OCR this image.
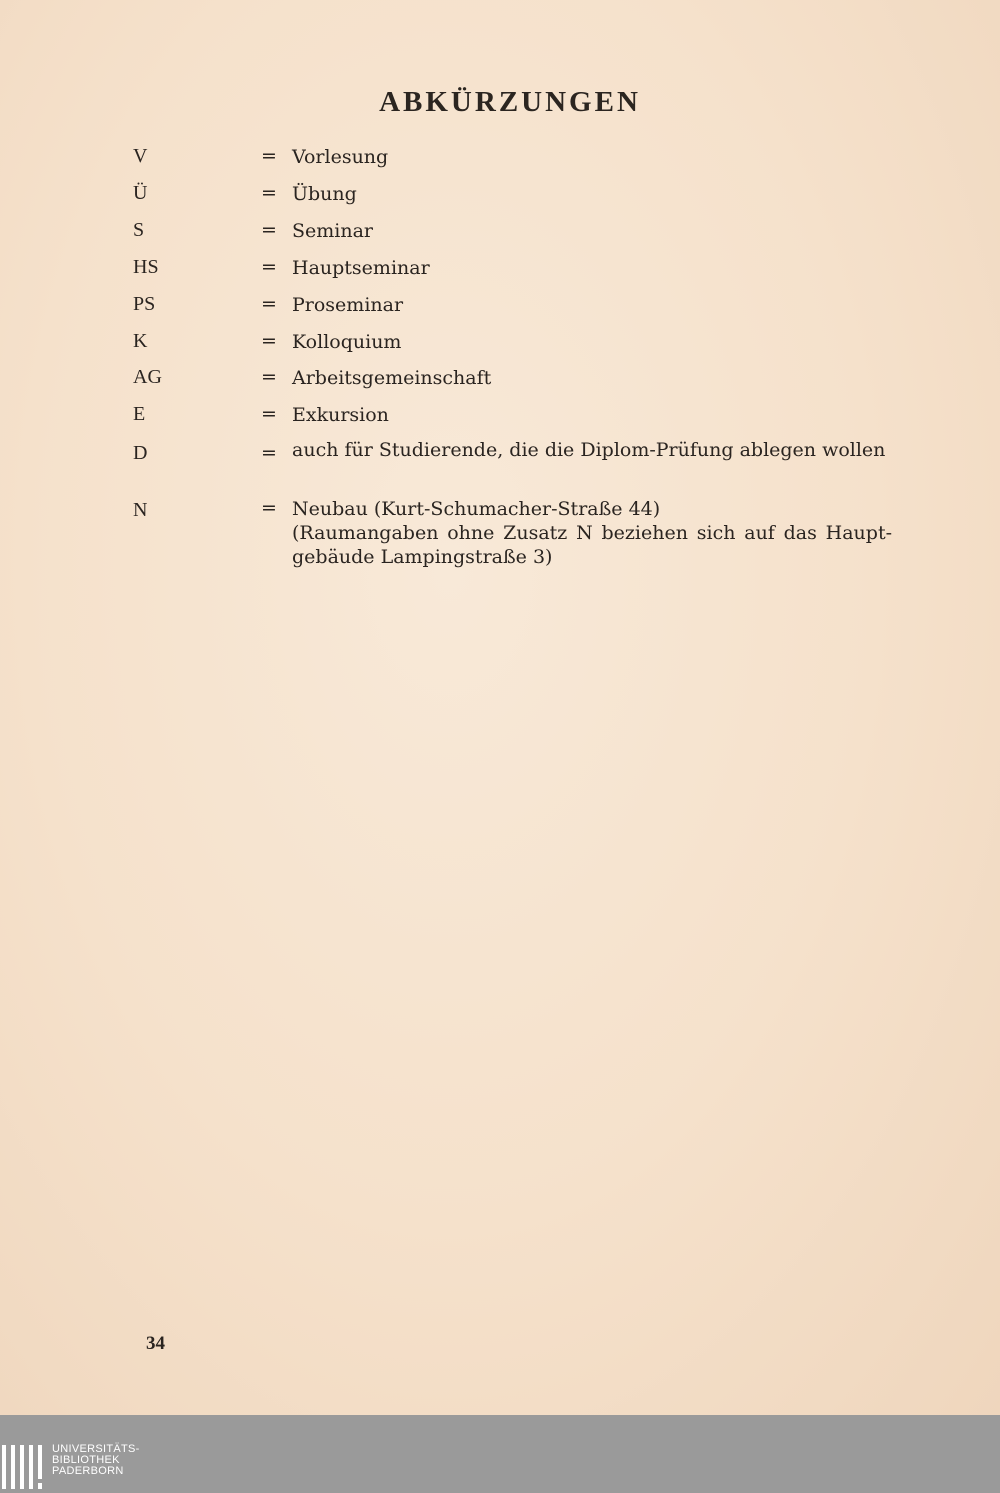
ABKÜRZUNGEN
V	= Vorlesung
Ü	= Übung
S	= Seminar
HS	= Hauptseminar
PS	= Proseminar
K	= Kolloquium
AG	= Arbeitsgemeinschaft
E	= Exkursion
D	= auch für Studierende, die die Diplom-Prüfung ablegen wollen
N	= Neubau (Kurt-Schumacher-Straße 44)
(Raumangaben ohne Zusatz N beziehen sich auf das Haupt-gebäude Lampingstraße 3)
34
UNIVERSITÄTS-
BIBLIOTHEK
PADERBORN
